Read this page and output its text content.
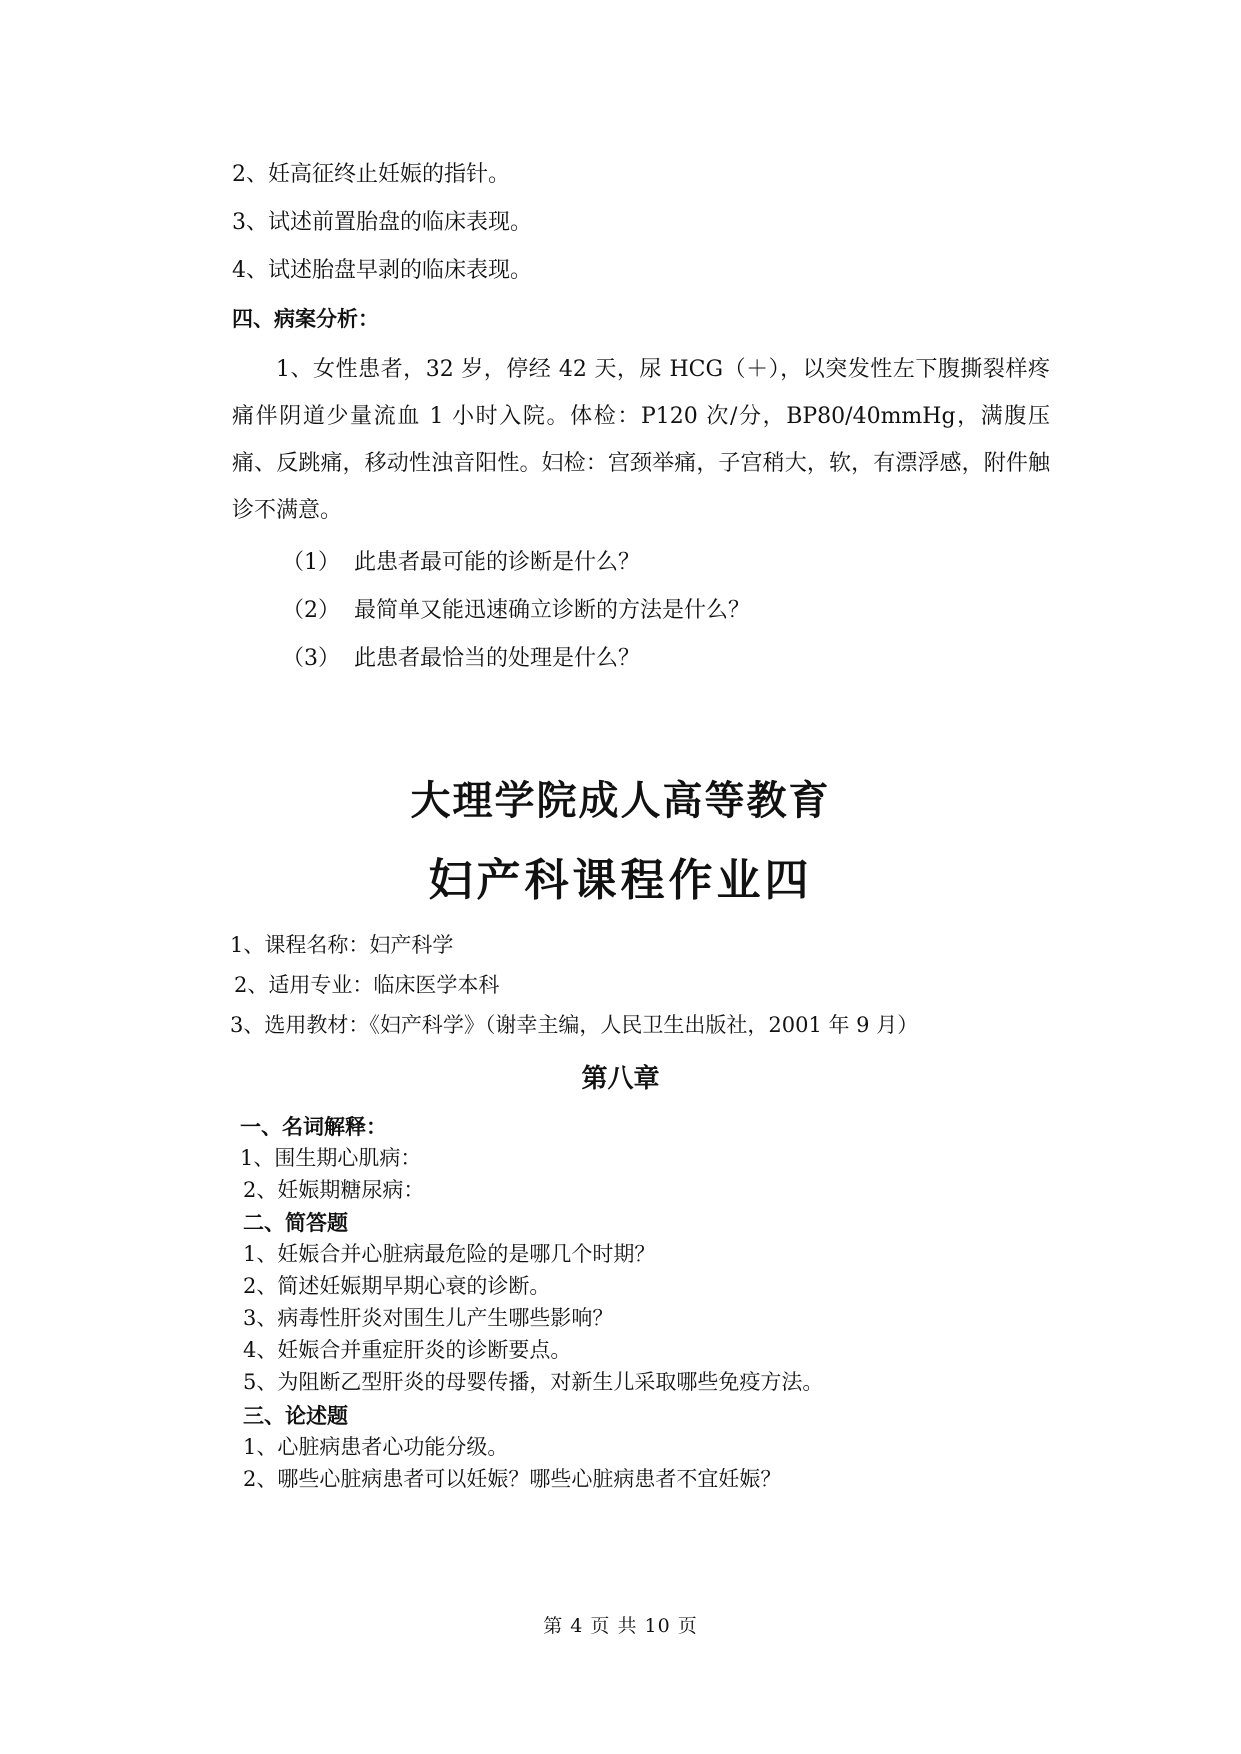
2、妊高征终止妊娠的指针。
3、试述前置胎盘的临床表现。
4、试述胎盘早剥的临床表现。
四、病案分析：
1、女性患者，32 岁，停经 42 天，尿 HCG（＋），以突发性左下腹撕裂样疼痛伴阴道少量流血 1 小时入院。体检：P120 次/分，BP80/40mmHg，满腹压痛、反跳痛，移动性浊音阳性。妇检：宫颈举痛，子宫稍大，软，有漂浮感，附件触诊不满意。
（1） 此患者最可能的诊断是什么？
（2） 最简单又能迅速确立诊断的方法是什么？
（3） 此患者最恰当的处理是什么？
大理学院成人高等教育
妇产科课程作业四
1、课程名称：妇产科学
2、适用专业：临床医学本科
3、选用教材：《妇产科学》（谢幸主编，人民卫生出版社，2001 年 9 月）
第八章
一、名词解释：
1、围生期心肌病：
2、妊娠期糖尿病：
二、简答题
1、妊娠合并心脏病最危险的是哪几个时期？
2、简述妊娠期早期心衰的诊断。
3、病毒性肝炎对围生儿产生哪些影响？
4、妊娠合并重症肝炎的诊断要点。
5、为阻断乙型肝炎的母婴传播，对新生儿采取哪些免疫方法。
三、论述题
1、心脏病患者心功能分级。
2、哪些心脏病患者可以妊娠？哪些心脏病患者不宜妊娠？
第 4 页 共 10 页
